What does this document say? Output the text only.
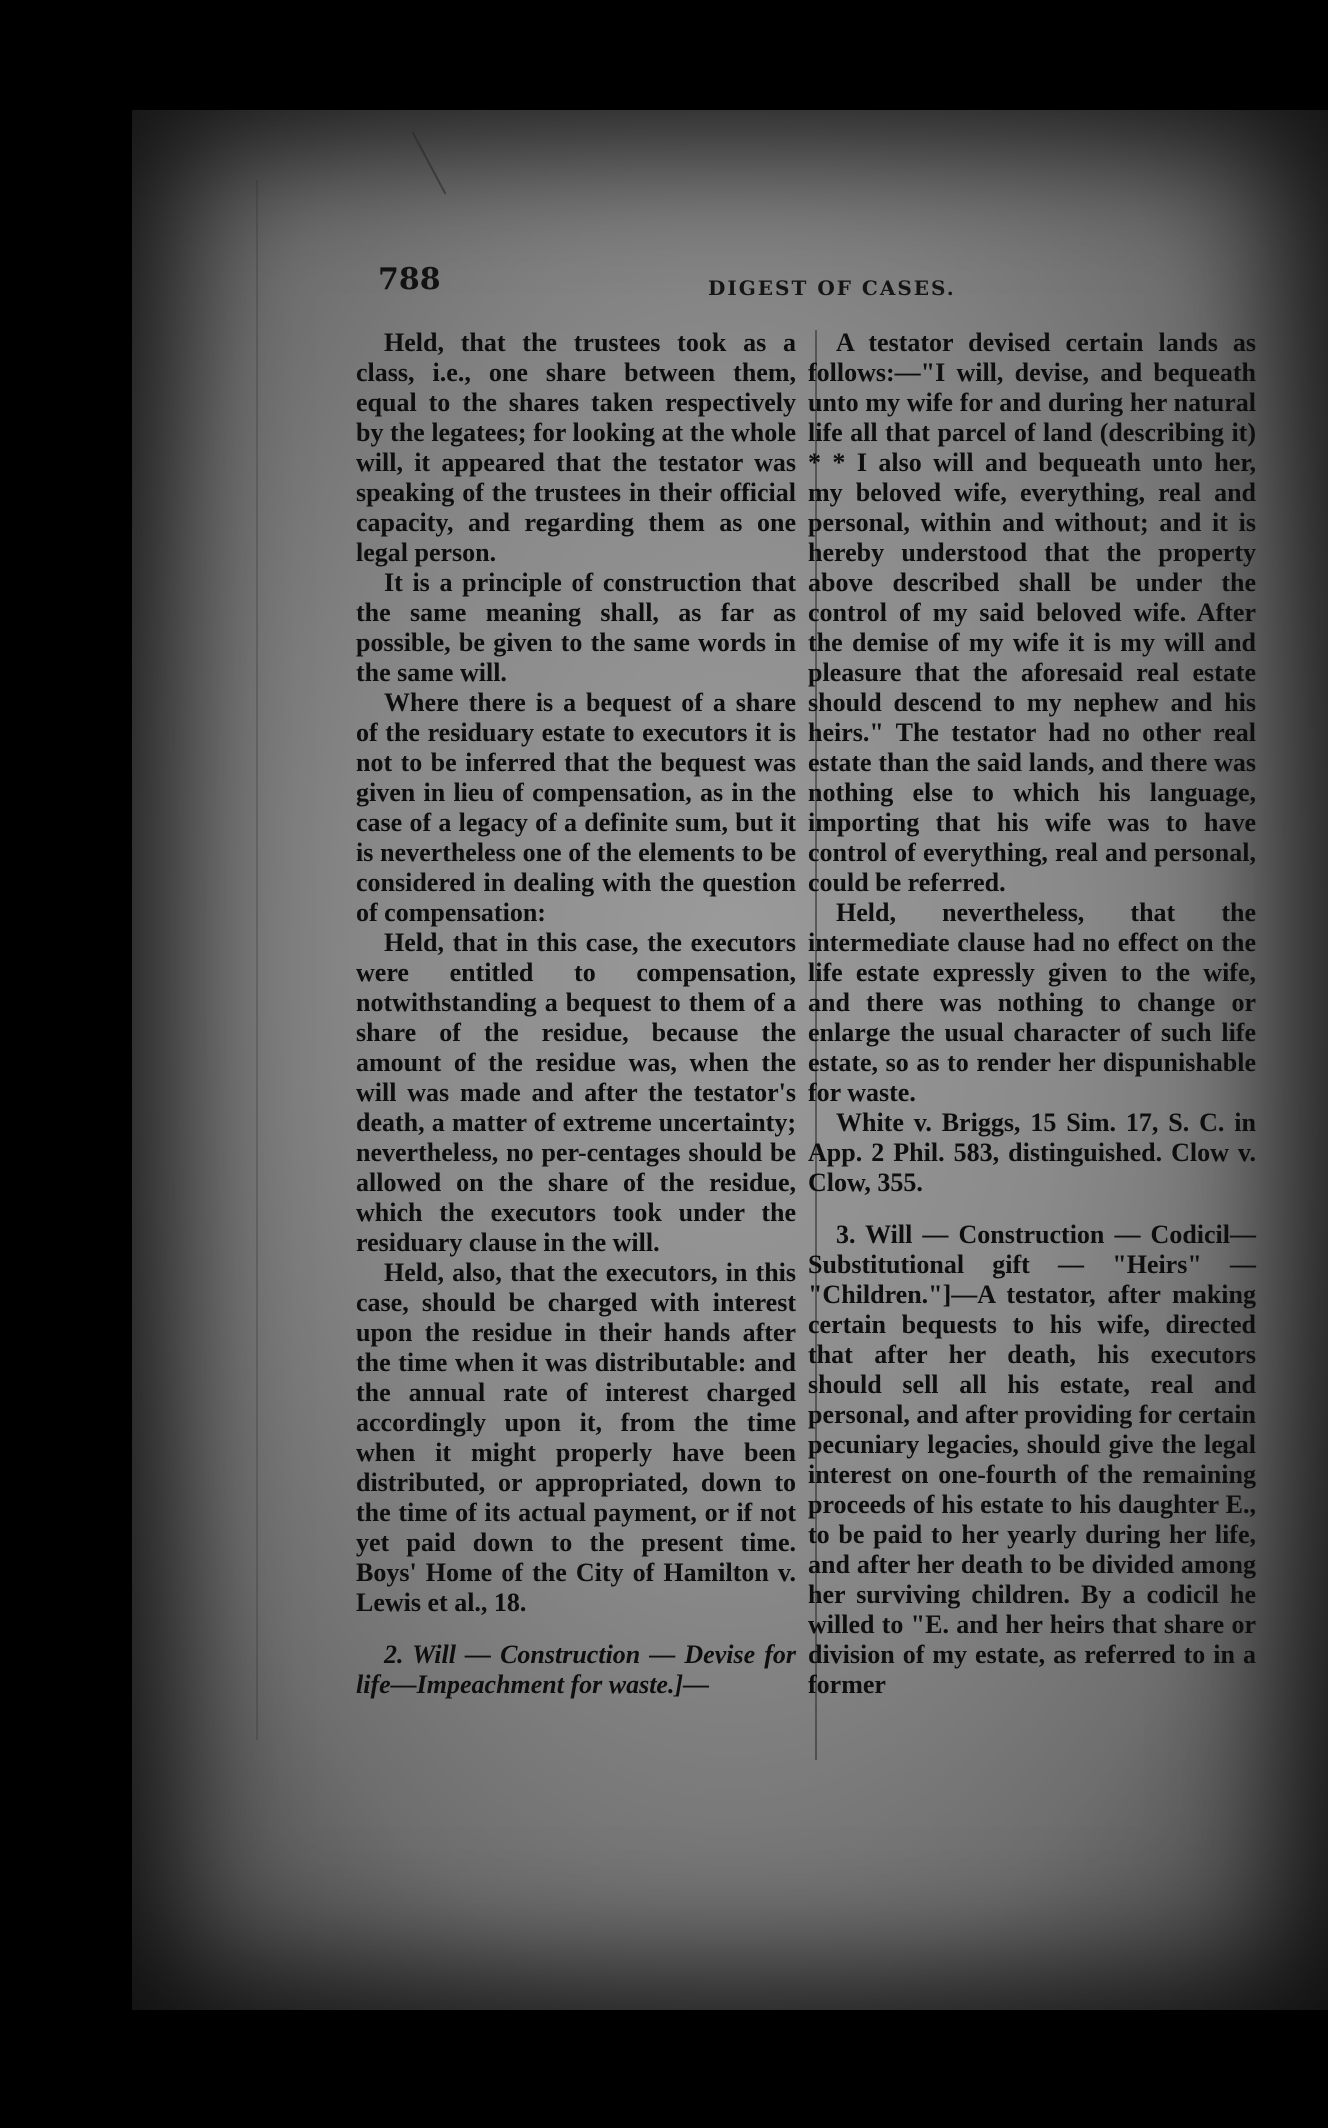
788	DIGEST OF CASES.

Held, that the trustees took as a class, i.e., one share between them, equal to the shares taken respectively by the legatees; for looking at the whole will, it appeared that the testator was speaking of the trustees in their official capacity, and regarding them as one legal person.

It is a principle of construction that the same meaning shall, as far as possible, be given to the same words in the same will.

Where there is a bequest of a share of the residuary estate to executors it is not to be inferred that the bequest was given in lieu of compensation, as in the case of a legacy of a definite sum, but it is nevertheless one of the elements to be considered in dealing with the question of compensation:

Held, that in this case, the executors were entitled to compensation, notwithstanding a bequest to them of a share of the residue, because the amount of the residue was, when the will was made and after the testator's death, a matter of extreme uncertainty; nevertheless, no per-centages should be allowed on the share of the residue, which the executors took under the residuary clause in the will.

Held, also, that the executors, in this case, should be charged with interest upon the residue in their hands after the time when it was distributable: and the annual rate of interest charged accordingly upon it, from the time when it might properly have been distributed, or appropriated, down to the time of its actual payment, or if not yet paid down to the present time. Boys' Home of the City of Hamilton v. Lewis et al., 18.

2. Will — Construction — Devise for life—Impeachment for waste.]—

A testator devised certain lands as follows:—"I will, devise, and bequeath unto my wife for and during her natural life all that parcel of land (describing it) * * I also will and bequeath unto her, my beloved wife, everything, real and personal, within and without; and it is hereby understood that the property above described shall be under the control of my said beloved wife. After the demise of my wife it is my will and pleasure that the aforesaid real estate should descend to my nephew and his heirs." The testator had no other real estate than the said lands, and there was nothing else to which his language, importing that his wife was to have control of everything, real and personal, could be referred.

Held, nevertheless, that the intermediate clause had no effect on the life estate expressly given to the wife, and there was nothing to change or enlarge the usual character of such life estate, so as to render her dispunishable for waste.

White v. Briggs, 15 Sim. 17, S. C. in App. 2 Phil. 583, distinguished. Clow v. Clow, 355.

3. Will — Construction — Codicil— Substitutional gift — "Heirs" — "Children."]—A testator, after making certain bequests to his wife, directed that after her death, his executors should sell all his estate, real and personal, and after providing for certain pecuniary legacies, should give the legal interest on one-fourth of the remaining proceeds of his estate to his daughter E., to be paid to her yearly during her life, and after her death to be divided among her surviving children. By a codicil he willed to "E. and her heirs that share or division of my estate, as referred to in a former
